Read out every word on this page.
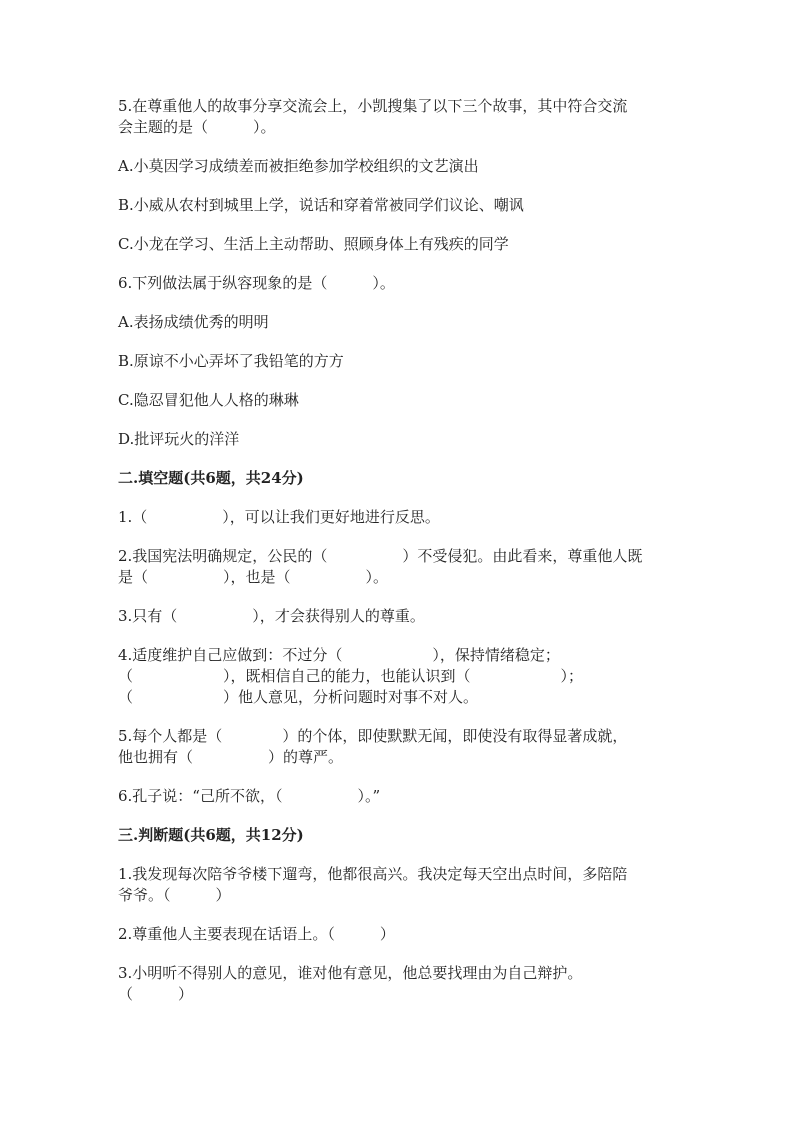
5.在尊重他人的故事分享交流会上，小凯搜集了以下三个故事，其中符合交流
会主题的是（　　　）。
A.小莫因学习成绩差而被拒绝参加学校组织的文艺演出
B.小威从农村到城里上学，说话和穿着常被同学们议论、嘲讽
C.小龙在学习、生活上主动帮助、照顾身体上有残疾的同学
6.下列做法属于纵容现象的是（　　　）。
A.表扬成绩优秀的明明
B.原谅不小心弄坏了我铅笔的方方
C.隐忍冒犯他人人格的琳琳
D.批评玩火的洋洋
二.填空题(共6题，共24分)
1.（　　　　　），可以让我们更好地进行反思。
2.我国宪法明确规定，公民的（　　　　　）不受侵犯。由此看来，尊重他人既
是（　　　　　），也是（　　　　　）。
3.只有（　　　　　），才会获得别人的尊重。
4.适度维护自己应做到：不过分（　　　　　　），保持情绪稳定；
（　　　　　　），既相信自己的能力，也能认识到（　　　　　　）；
（　　　　　　）他人意见，分析问题时对事不对人。
5.每个人都是（　　　　）的个体，即使默默无闻，即使没有取得显著成就，
他也拥有（　　　　　）的尊严。
6.孔子说：“己所不欲，（　　　　　）。”
三.判断题(共6题，共12分)
1.我发现每次陪爷爷楼下遛弯，他都很高兴。我决定每天空出点时间，多陪陪
爷爷。（　　　）
2.尊重他人主要表现在话语上。（　　　）
3.小明听不得别人的意见，谁对他有意见，他总要找理由为自己辩护。
（　　　）
